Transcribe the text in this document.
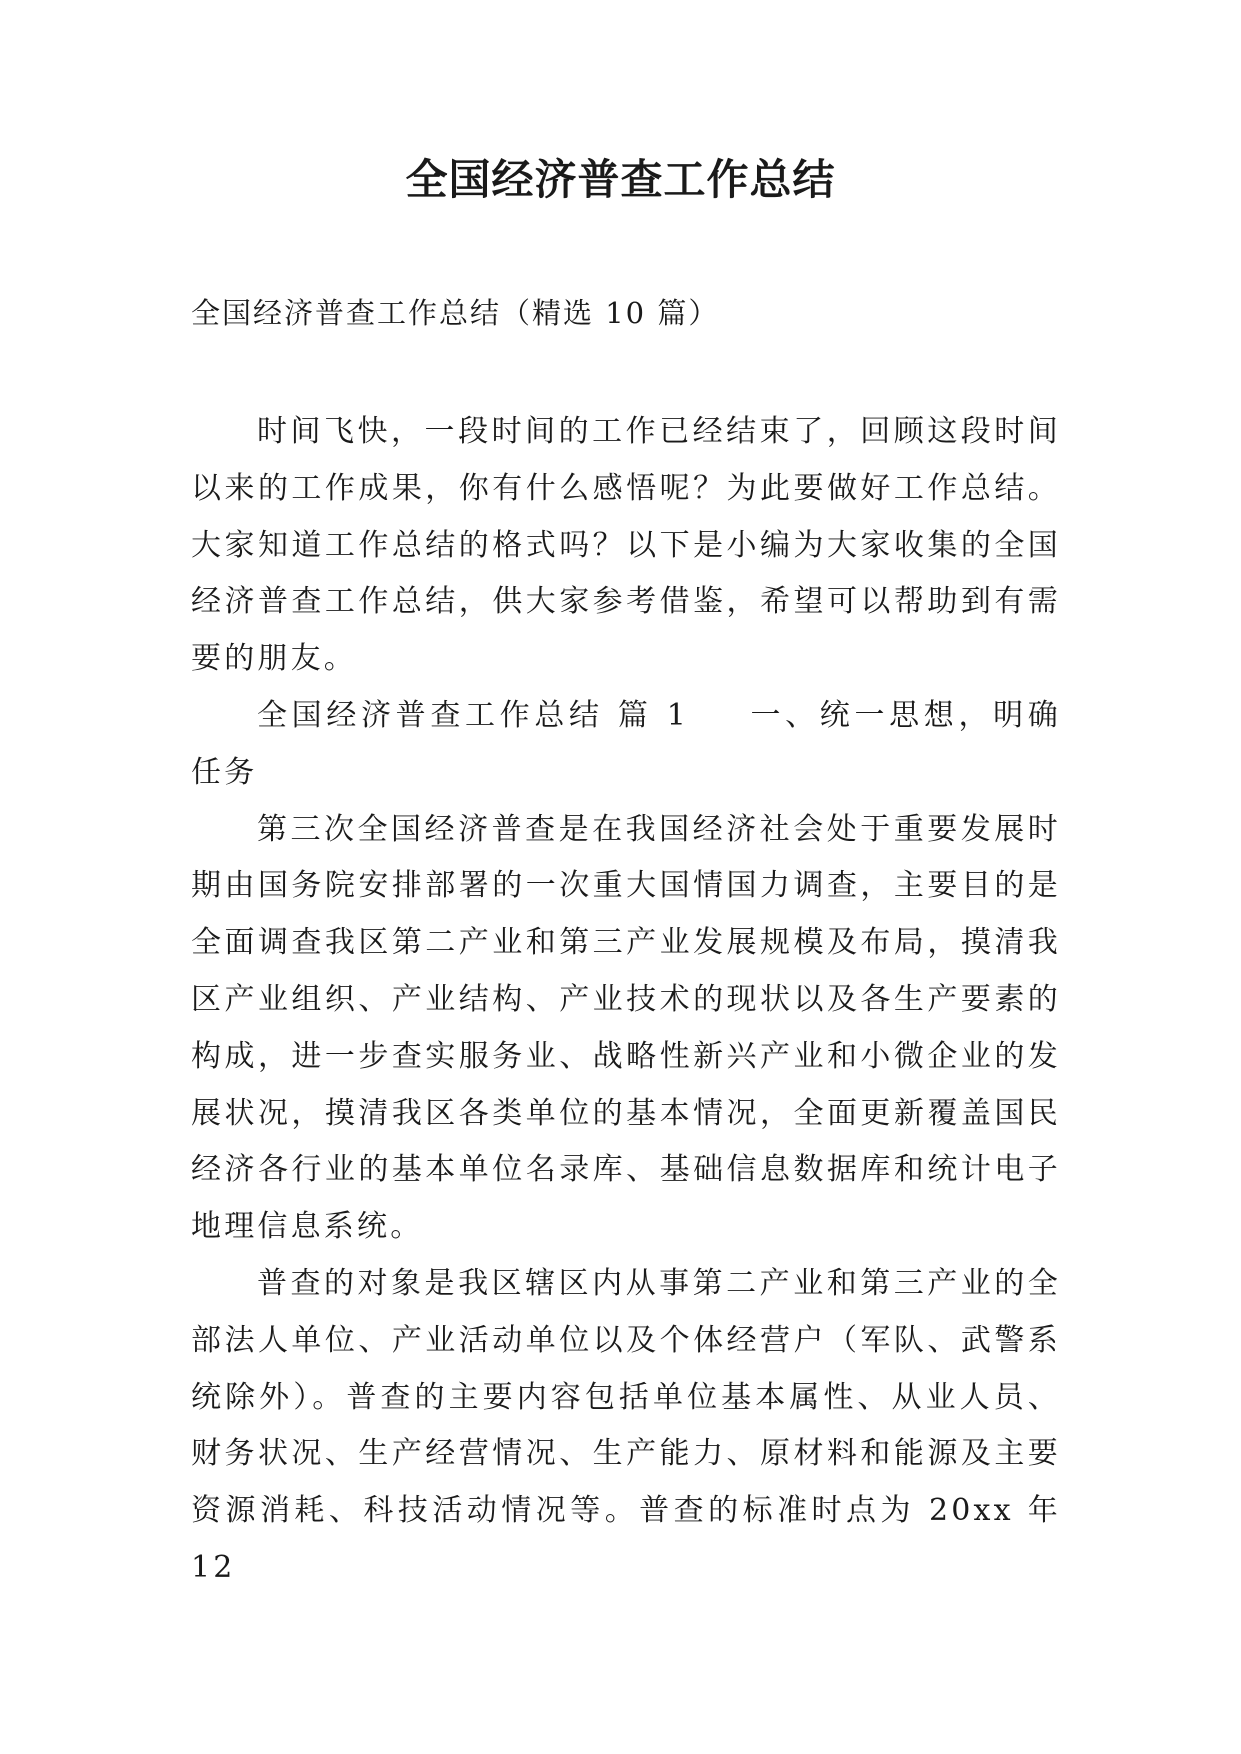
全国经济普查工作总结

全国经济普查工作总结（精选 10 篇）

时间飞快，一段时间的工作已经结束了，回顾这段时间以来的工作成果，你有什么感悟呢？为此要做好工作总结。大家知道工作总结的格式吗？以下是小编为大家收集的全国经济普查工作总结，供大家参考借鉴，希望可以帮助到有需要的朋友。

全国经济普查工作总结 篇 1 一、统一思想，明确任务

第三次全国经济普查是在我国经济社会处于重要发展时期由国务院安排部署的一次重大国情国力调查，主要目的是全面调查我区第二产业和第三产业发展规模及布局，摸清我区产业组织、产业结构、产业技术的现状以及各生产要素的构成，进一步查实服务业、战略性新兴产业和小微企业的发展状况，摸清我区各类单位的基本情况，全面更新覆盖国民经济各行业的基本单位名录库、基础信息数据库和统计电子地理信息系统。

普查的对象是我区辖区内从事第二产业和第三产业的全部法人单位、产业活动单位以及个体经营户（军队、武警系统除外）。普查的主要内容包括单位基本属性、从业人员、财务状况、生产经营情况、生产能力、原材料和能源及主要资源消耗、科技活动情况等。普查的标准时点为 20xx 年 12
